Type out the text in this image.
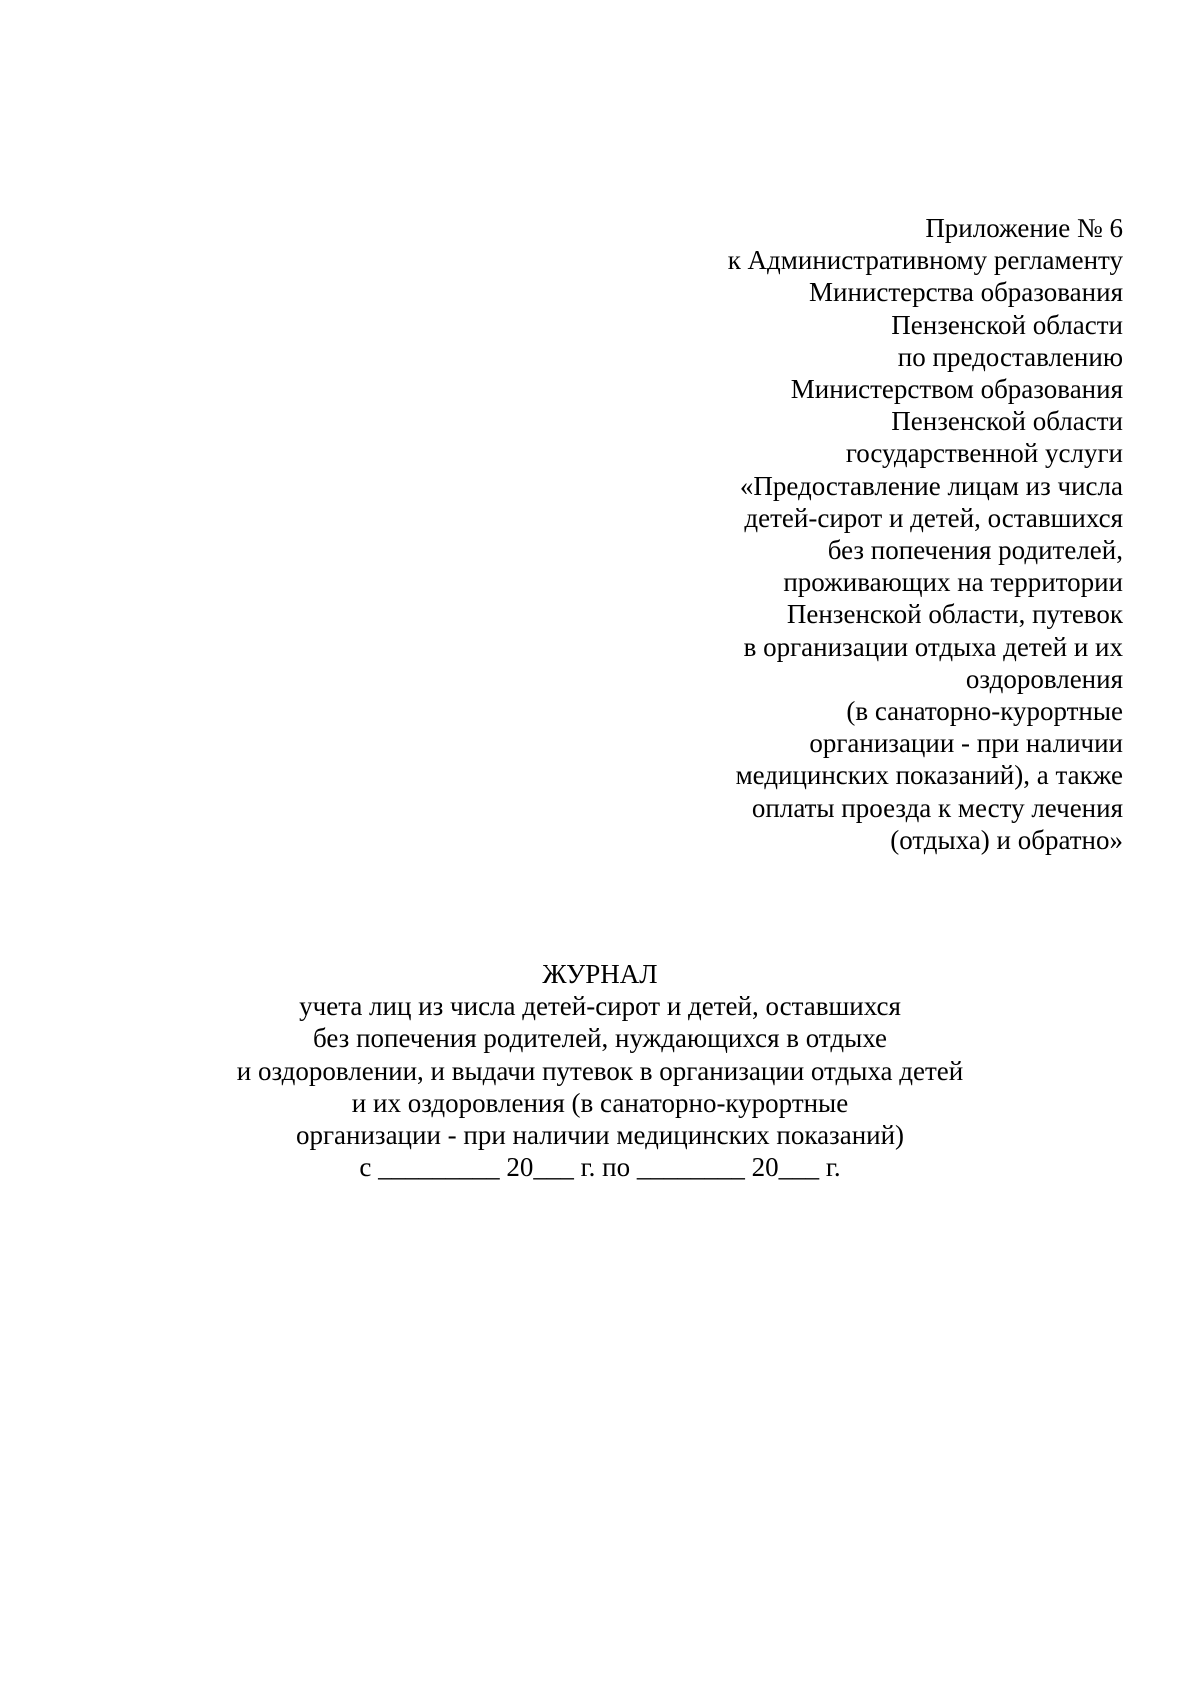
Приложение № 6
к Административному регламенту
Министерства образования
Пензенской области
по предоставлению
Министерством образования
Пензенской области
государственной услуги
«Предоставление лицам из числа
детей-сирот и детей, оставшихся
без попечения родителей,
проживающих на территории
Пензенской области, путевок
в организации отдыха детей и их
оздоровления
(в санаторно-курортные
организации - при наличии
медицинских показаний), а также
оплаты проезда к месту лечения
(отдыха) и обратно»
ЖУРНАЛ
учета лиц из числа детей-сирот и детей, оставшихся
без попечения родителей, нуждающихся в отдыхе
и оздоровлении, и выдачи путевок в организации отдыха детей
и их оздоровления (в санаторно-курортные
организации - при наличии медицинских показаний)
с _________ 20___ г. по ________ 20___ г.
